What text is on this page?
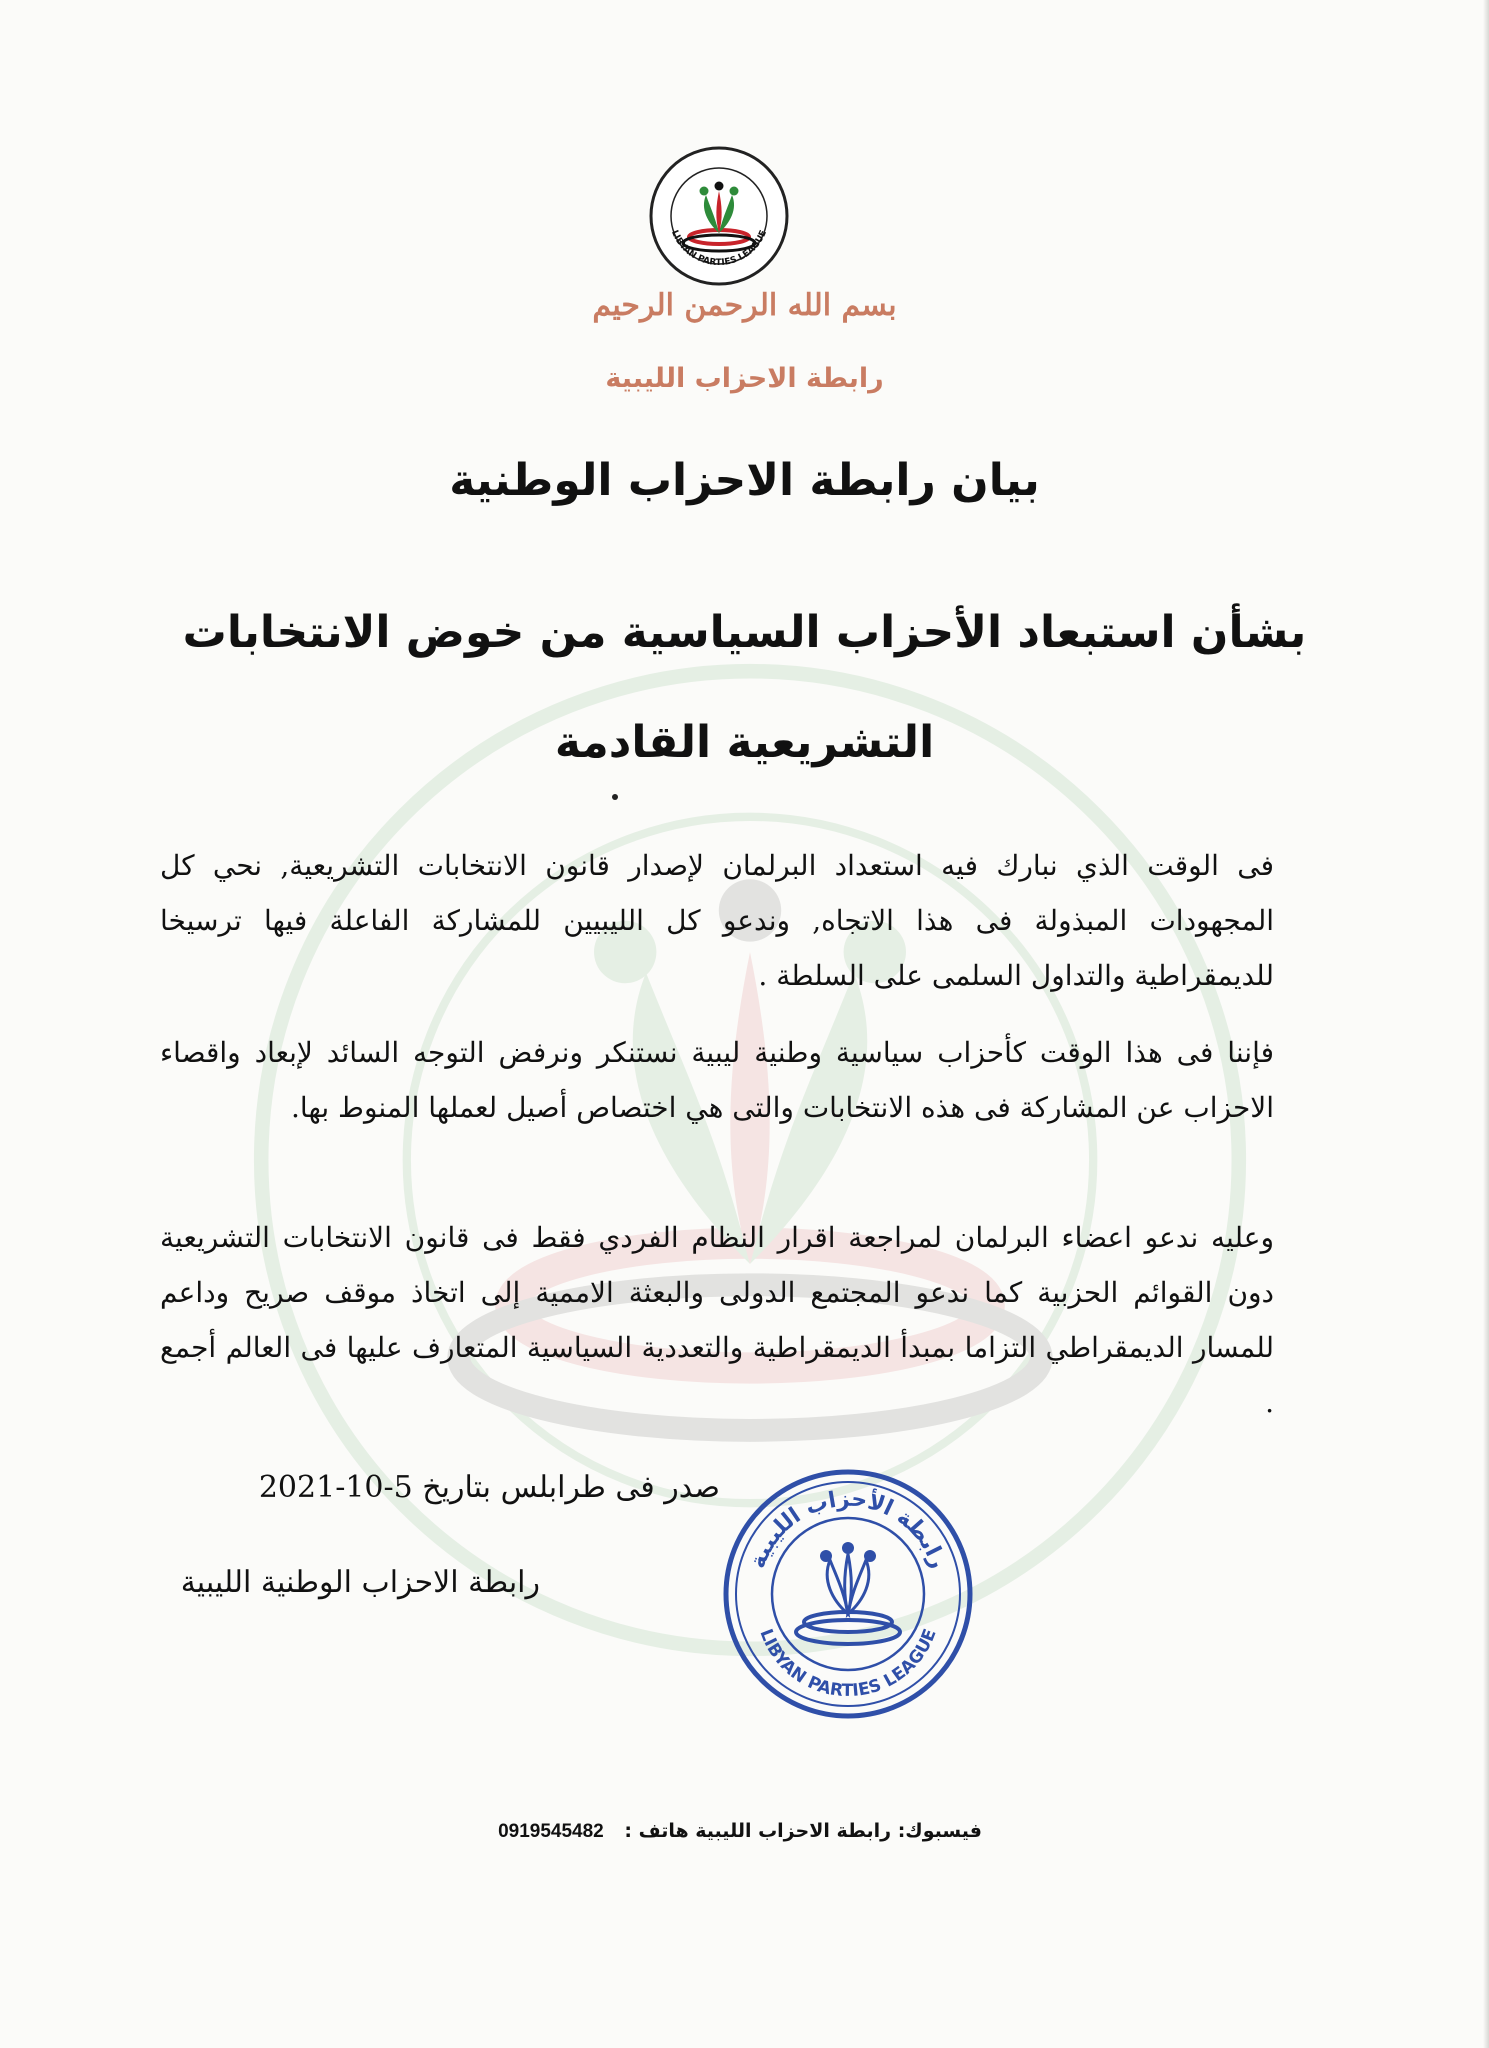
LIBYAN PARTIES LEAGUE
بسم الله الرحمن الرحيم
رابطة الاحزاب الليبية
بيان رابطة الاحزاب الوطنية
بشأن استبعاد الأحزاب السياسية من خوض الانتخابات التشريعية القادمة
فى الوقت الذي نبارك فيه استعداد البرلمان لإصدار قانون الانتخابات التشريعية, نحي كل المجهودات المبذولة فى هذا الاتجاه, وندعو كل الليبيين للمشاركة الفاعلة فيها ترسيخا للديمقراطية والتداول السلمى على السلطة .
فإننا فى هذا الوقت كأحزاب سياسية وطنية ليبية نستنكر ونرفض التوجه السائد لإبعاد واقصاء الاحزاب عن المشاركة فى هذه الانتخابات والتى هي اختصاص أصيل لعملها المنوط بها.
وعليه ندعو اعضاء البرلمان لمراجعة اقرار النظام الفردي فقط فى قانون الانتخابات التشريعية دون القوائم الحزبية كما ندعو المجتمع الدولى والبعثة الاممية إلى اتخاذ موقف صريح وداعم للمسار الديمقراطي التزاما بمبدأ الديمقراطية والتعددية السياسية المتعارف عليها فى العالم أجمع .
صدر فى طرابلس بتاريخ 5-10-2021
رابطة الاحزاب الوطنية الليبية
رابطة الأحزاب الليبية
LIBYAN PARTIES LEAGUE
فيسبوك: رابطة الاحزاب الليبية هاتف : 0919545482
